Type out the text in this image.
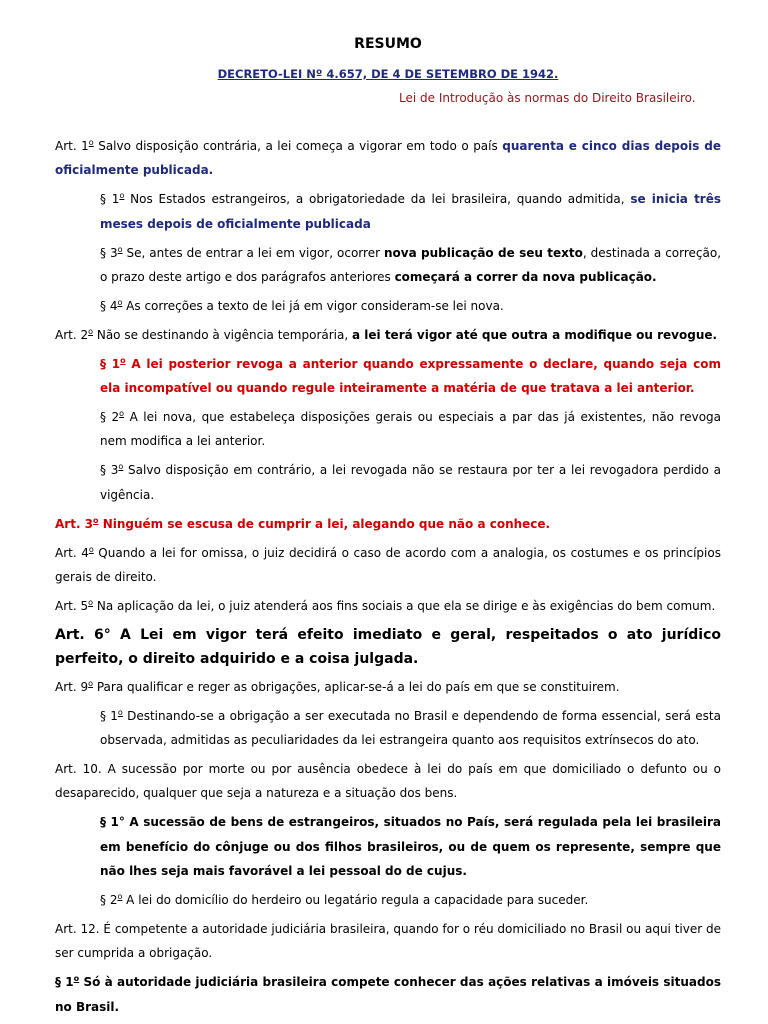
RESUMO
DECRETO-LEI Nº 4.657, DE 4 DE SETEMBRO DE 1942.
Lei de Introdução às normas do Direito Brasileiro.

Art. 1$^o$ Salvo disposição contrária, a lei começa a vigorar em todo o país quarenta e cinco dias depois de oficialmente publicada.

§ 1$^o$ Nos Estados estrangeiros, a obrigatoriedade da lei brasileira, quando admitida, se inicia três meses depois de oficialmente publicada

§ 3$^o$ Se, antes de entrar a lei em vigor, ocorrer nova publicação de seu texto, destinada a correção, o prazo deste artigo e dos parágrafos anteriores começará a correr da nova publicação.

§ 4$^o$ As correções a texto de lei já em vigor consideram-se lei nova.

Art. 2$^o$ Não se destinando à vigência temporária, a lei terá vigor até que outra a modifique ou revogue.

§ 1$^o$ A lei posterior revoga a anterior quando expressamente o declare, quando seja com ela incompatível ou quando regule inteiramente a matéria de que tratava a lei anterior.

§ 2$^o$ A lei nova, que estabeleça disposições gerais ou especiais a par das já existentes, não revoga nem modifica a lei anterior.

§ 3$^o$ Salvo disposição em contrário, a lei revogada não se restaura por ter a lei revogadora perdido a vigência.

Art. 3$^o$ Ninguém se escusa de cumprir a lei, alegando que não a conhece.

Art. 4$^o$ Quando a lei for omissa, o juiz decidirá o caso de acordo com a analogia, os costumes e os princípios gerais de direito.

Art. 5$^o$ Na aplicação da lei, o juiz atenderá aos fins sociais a que ela se dirige e às exigências do bem comum.

Art. 6° A Lei em vigor terá efeito imediato e geral, respeitados o ato jurídico perfeito, o direito adquirido e a coisa julgada.

Art. 9$^o$ Para qualificar e reger as obrigações, aplicar-se-á a lei do país em que se constituirem.

§ 1$^o$ Destinando-se a obrigação a ser executada no Brasil e dependendo de forma essencial, será esta observada, admitidas as peculiaridades da lei estrangeira quanto aos requisitos extrínsecos do ato.

Art. 10. A sucessão por morte ou por ausência obedece à lei do país em que domiciliado o defunto ou o desaparecido, qualquer que seja a natureza e a situação dos bens.

§ 1° A sucessão de bens de estrangeiros, situados no País, será regulada pela lei brasileira em benefício do cônjuge ou dos filhos brasileiros, ou de quem os represente, sempre que não lhes seja mais favorável a lei pessoal do de cujus.

§ 2$^o$ A lei do domicílio do herdeiro ou legatário regula a capacidade para suceder.

Art. 12. É competente a autoridade judiciária brasileira, quando for o réu domiciliado no Brasil ou aqui tiver de ser cumprida a obrigação.

§ 1$^o$ Só à autoridade judiciária brasileira compete conhecer das ações relativas a imóveis situados no Brasil.
